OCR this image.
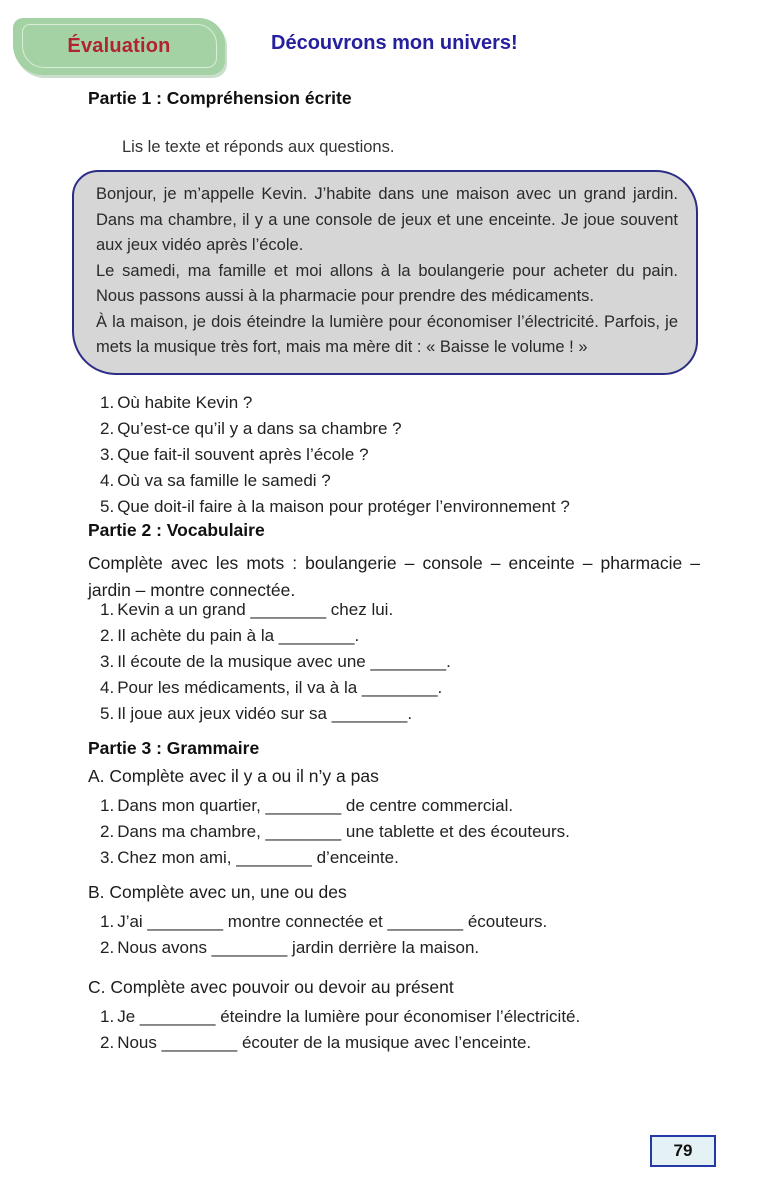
Évaluation	Découvrons mon univers!
Partie 1 : Compréhension écrite
Lis le texte et réponds aux questions.

Bonjour, je m’appelle Kevin. J’habite dans une maison avec un grand jardin. Dans ma chambre, il y a une console de jeux et une enceinte. Je joue souvent aux jeux vidéo après l’école.

Le samedi, ma famille et moi allons à la boulangerie pour acheter du pain. Nous passons aussi à la pharmacie pour prendre des médicaments.

À la maison, je dois éteindre la lumière pour économiser l’électricité. Parfois, je mets la musique très fort, mais ma mère dit : « Baisse le volume ! »

1. Où habite Kevin ?
2. Qu’est-ce qu’il y a dans sa chambre ?
3. Que fait-il souvent après l’école ?
4. Où va sa famille le samedi ?
5. Que doit-il faire à la maison pour protéger l’environnement ?
Partie 2 : Vocabulaire

Complète avec les mots : boulangerie – console – enceinte – pharmacie – jardin – montre connectée.

1. Kevin a un grand ________ chez lui.
2. Il achète du pain à la ________.
3. Il écoute de la musique avec une ________.
4. Pour les médicaments, il va à la ________.
5. Il joue aux jeux vidéo sur sa ________.
Partie 3 : Grammaire

A. Complète avec il y a ou il n’y a pas

1. Dans mon quartier, ________ de centre commercial.
2. Dans ma chambre, ________ une tablette et des écouteurs.
3. Chez mon ami, ________ d’enceinte.

B. Complète avec un, une ou des

1. J’ai ________ montre connectée et ________ écouteurs.
2. Nous avons ________ jardin derrière la maison.

C. Complète avec pouvoir ou devoir au présent

1. Je ________ éteindre la lumière pour économiser l’électricité.
2. Nous ________ écouter de la musique avec l’enceinte.
79
